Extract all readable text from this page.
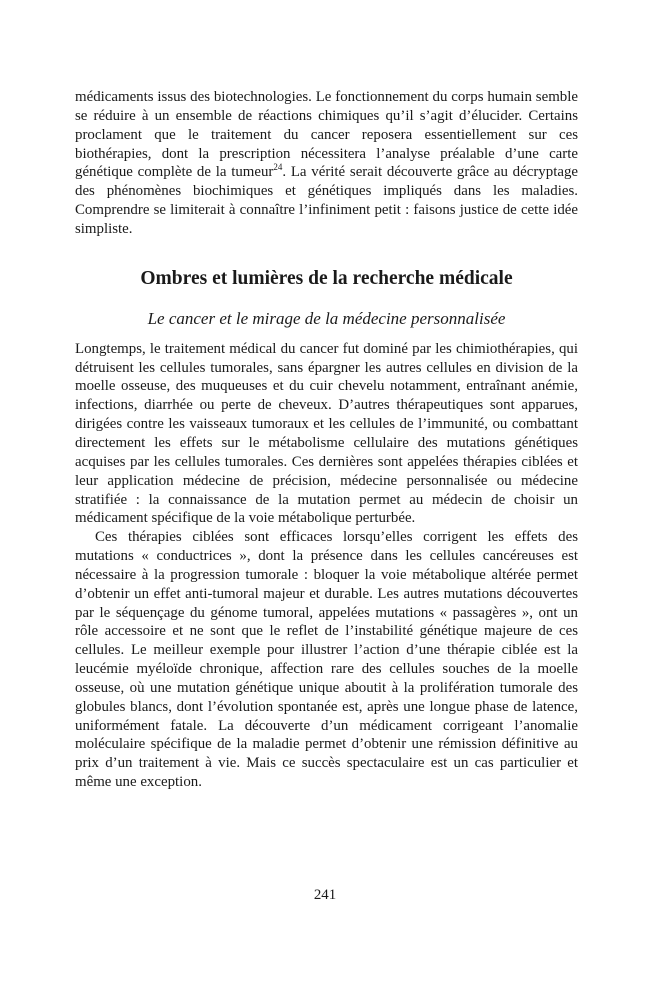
médicaments issus des biotechnologies. Le fonctionnement du corps humain semble se réduire à un ensemble de réactions chimiques qu’il s’agit d’élucider. Certains proclament que le traitement du cancer reposera essentiellement sur ces biothérapies, dont la prescription nécessitera l’analyse préalable d’une carte génétique complète de la tumeur$^{24}$. La vérité serait découverte grâce au décryptage des phénomènes biochimiques et génétiques impliqués dans les maladies. Comprendre se limiterait à connaître l’infiniment petit : faisons justice de cette idée simpliste.

Ombres et lumières de la recherche médicale
Le cancer et le mirage de la médecine personnalisée

Longtemps, le traitement médical du cancer fut dominé par les chimiothérapies, qui détruisent les cellules tumorales, sans épargner les autres cellules en division de la moelle osseuse, des muqueuses et du cuir chevelu notamment, entraînant anémie, infections, diarrhée ou perte de cheveux. D’autres thérapeutiques sont apparues, dirigées contre les vaisseaux tumoraux et les cellules de l’immunité, ou combattant directement les effets sur le métabolisme cellulaire des mutations génétiques acquises par les cellules tumorales. Ces dernières sont appelées thérapies ciblées et leur application médecine de précision, médecine personnalisée ou médecine stratifiée : la connaissance de la mutation permet au médecin de choisir un médicament spécifique de la voie métabolique perturbée.

Ces thérapies ciblées sont efficaces lorsqu’elles corrigent les effets des mutations « conductrices », dont la présence dans les cellules cancéreuses est nécessaire à la progression tumorale : bloquer la voie métabolique altérée permet d’obtenir un effet anti-tumoral majeur et durable. Les autres mutations découvertes par le séquençage du génome tumoral, appelées mutations « passagères », ont un rôle accessoire et ne sont que le reflet de l’instabilité génétique majeure de ces cellules. Le meilleur exemple pour illustrer l’action d’une thérapie ciblée est la leucémie myéloïde chronique, affection rare des cellules souches de la moelle osseuse, où une mutation génétique unique aboutit à la prolifération tumorale des globules blancs, dont l’évolution spontanée est, après une longue phase de latence, uniformément fatale. La découverte d’un médicament corrigeant l’anomalie moléculaire spécifique de la maladie permet d’obtenir une rémission définitive au prix d’un traitement à vie. Mais ce succès spectaculaire est un cas particulier et même une exception.

241
